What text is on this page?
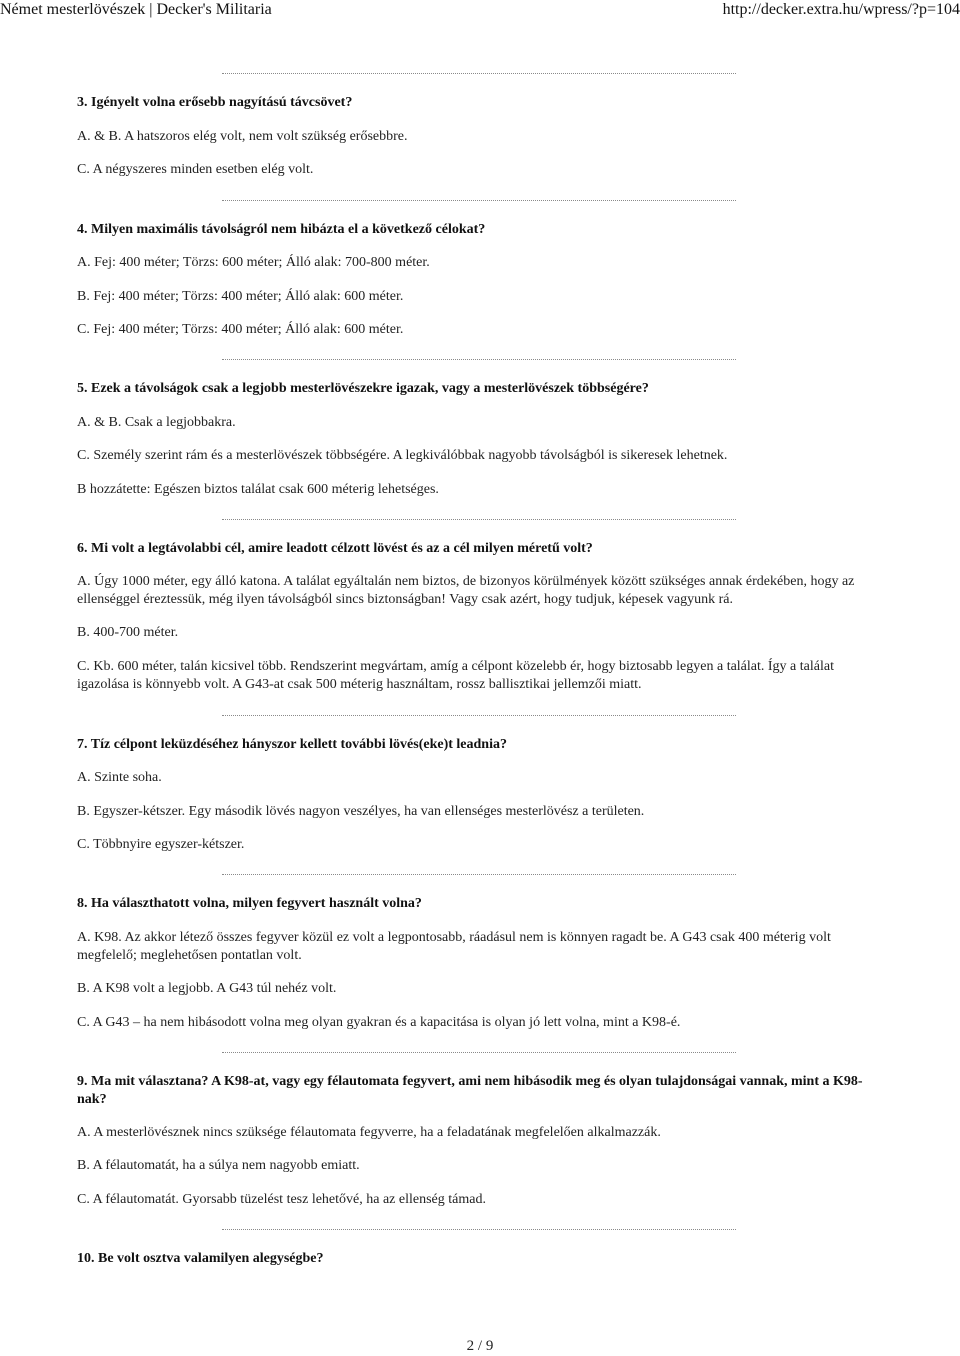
Német mesterlövészek | Decker's Militaria	http://decker.extra.hu/wpress/?p=104
3. Igényelt volna erősebb nagyítású távcsövet?
A. & B. A hatszoros elég volt, nem volt szükség erősebbre.
C. A négyszeres minden esetben elég volt.
4. Milyen maximális távolságról nem hibázta el a következő célokat?
A. Fej: 400 méter; Törzs: 600 méter; Álló alak: 700-800 méter.
B. Fej: 400 méter; Törzs: 400 méter; Álló alak: 600 méter.
C. Fej: 400 méter; Törzs: 400 méter; Álló alak: 600 méter.
5. Ezek a távolságok csak a legjobb mesterlövészekre igazak, vagy a mesterlövészek többségére?
A. & B. Csak a legjobbakra.
C. Személy szerint rám és a mesterlövészek többségére. A legkiválóbbak nagyobb távolságból is sikeresek lehetnek.
B hozzátette: Egészen biztos találat csak 600 méterig lehetséges.
6. Mi volt a legtávolabbi cél, amire leadott célzott lövést és az a cél milyen méretű volt?
A. Úgy 1000 méter, egy álló katona. A találat egyáltalán nem biztos, de bizonyos körülmények között szükséges annak érdekében, hogy az ellenséggel éreztessük, még ilyen távolságból sincs biztonságban! Vagy csak azért, hogy tudjuk, képesek vagyunk rá.
B. 400-700 méter.
C. Kb. 600 méter, talán kicsivel több. Rendszerint megvártam, amíg a célpont közelebb ér, hogy biztosabb legyen a találat. Így a találat igazolása is könnyebb volt. A G43-at csak 500 méterig használtam, rossz ballisztikai jellemzői miatt.
7. Tíz célpont leküzdéséhez hányszor kellett további lövés(eke)t leadnia?
A. Szinte soha.
B. Egyszer-kétszer. Egy második lövés nagyon veszélyes, ha van ellenséges mesterlövész a területen.
C. Többnyire egyszer-kétszer.
8. Ha választhatott volna, milyen fegyvert használt volna?
A. K98. Az akkor létező összes fegyver közül ez volt a legpontosabb, ráadásul nem is könnyen ragadt be. A G43 csak 400 méterig volt megfelelő; meglehetősen pontatlan volt.
B. A K98 volt a legjobb. A G43 túl nehéz volt.
C. A G43 – ha nem hibásodott volna meg olyan gyakran és a kapacitása is olyan jó lett volna, mint a K98-é.
9. Ma mit választana? A K98-at, vagy egy félautomata fegyvert, ami nem hibásodik meg és olyan tulajdonságai vannak, mint a K98-nak?
A. A mesterlövésznek nincs szüksége félautomata fegyverre, ha a feladatának megfelelően alkalmazzák.
B. A félautomatát, ha a súlya nem nagyobb emiatt.
C. A félautomatát. Gyorsabb tüzelést tesz lehetővé, ha az ellenség támad.
10. Be volt osztva valamilyen alegységbe?
2 / 9
